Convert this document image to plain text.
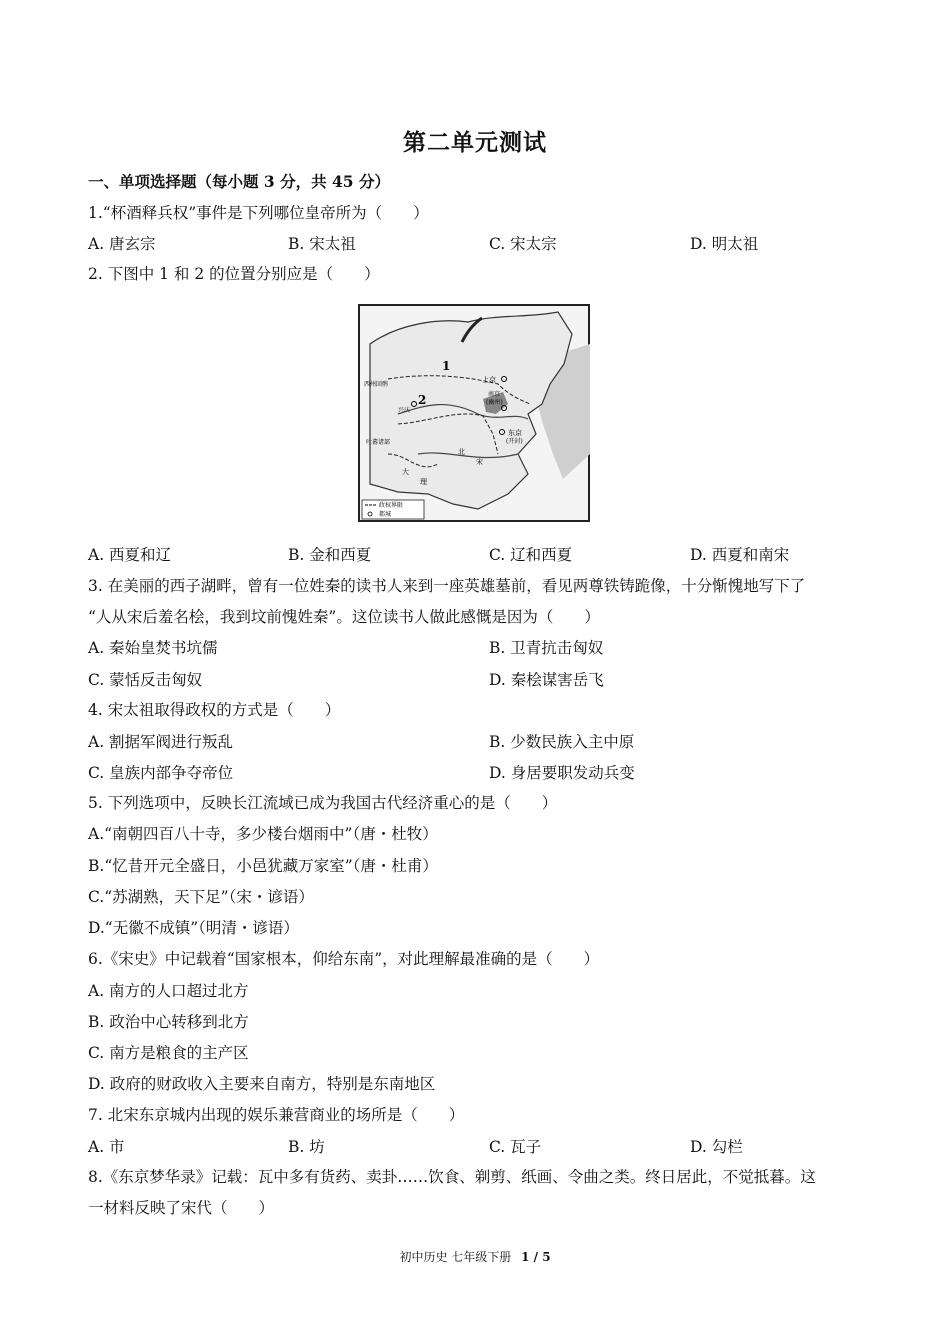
第二单元测试
一、单项选择题（每小题 3 分，共 45 分）
1.“杯酒释兵权”事件是下列哪位皇帝所为（　　）
A. 唐玄宗	B. 宋太祖	C. 宋太宗	D. 明太祖
2. 下图中 1 和 2 的位置分别应是（　　）
1
2
上京
南京
(幽州)
兴庆
东京
(开封)
西州回鹘
吐蕃诸部
北
宋
大
理
政权界限
都城
A. 西夏和辽	B. 金和西夏	C. 辽和西夏	D. 西夏和南宋
3. 在美丽的西子湖畔，曾有一位姓秦的读书人来到一座英雄墓前，看见两尊铁铸跪像，十分惭愧地写下了
“人从宋后羞名桧，我到坟前愧姓秦”。这位读书人做此感慨是因为（　　）
A. 秦始皇焚书坑儒	B. 卫青抗击匈奴
C. 蒙恬反击匈奴	D. 秦桧谋害岳飞
4. 宋太祖取得政权的方式是（　　）
A. 割据军阀进行叛乱	B. 少数民族入主中原
C. 皇族内部争夺帝位	D. 身居要职发动兵变
5. 下列选项中，反映长江流域已成为我国古代经济重心的是（　　）
A.“南朝四百八十寺，多少楼台烟雨中”（唐・杜牧）
B.“忆昔开元全盛日，小邑犹藏万家室”（唐・杜甫）
C.“苏湖熟，天下足”（宋・谚语）
D.“无徽不成镇”（明清・谚语）
6.《宋史》中记载着“国家根本，仰给东南”，对此理解最准确的是（　　）
A. 南方的人口超过北方
B. 政治中心转移到北方
C. 南方是粮食的主产区
D. 政府的财政收入主要来自南方，特别是东南地区
7. 北宋东京城内出现的娱乐兼营商业的场所是（　　）
A. 市	B. 坊	C. 瓦子	D. 勾栏
8.《东京梦华录》记载：瓦中多有货药、卖卦……饮食、剃剪、纸画、令曲之类。终日居此，不觉抵暮。这
一材料反映了宋代（　　）
初中历史 七年级下册 1 / 5
